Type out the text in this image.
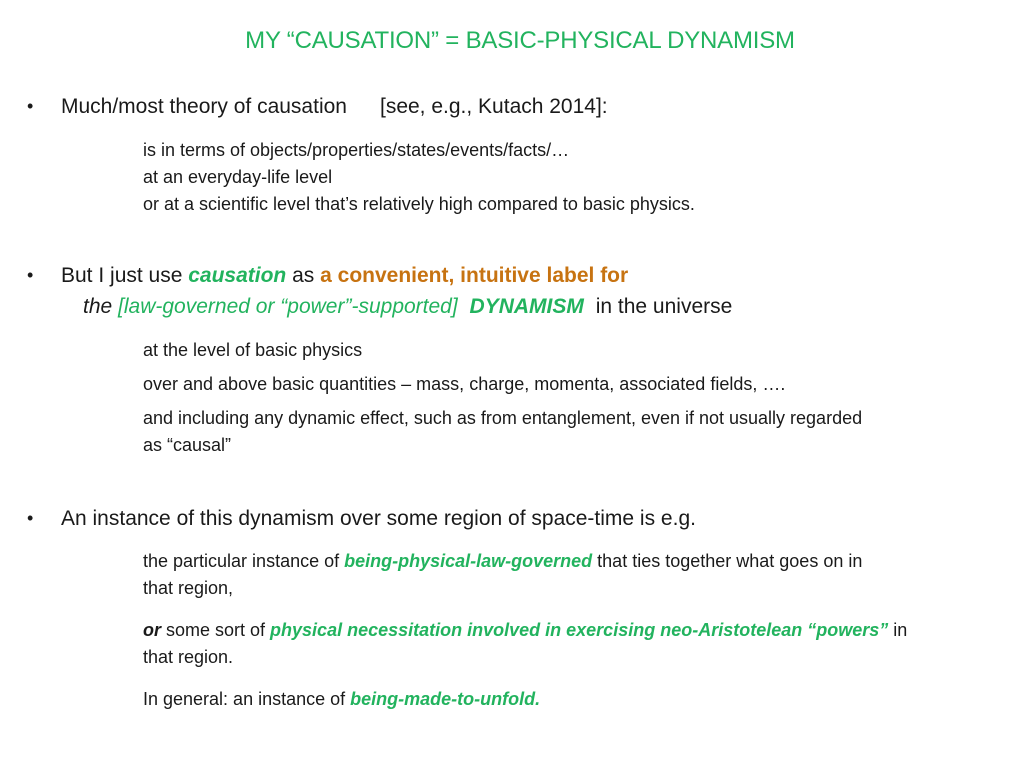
MY “CAUSATION” = BASIC-PHYSICAL DYNAMISM
• Much/most theory of causation [see, e.g., Kutach 2014]:
is in terms of objects/properties/states/events/facts/…
at an everyday-life level
or at a scientific level that’s relatively high compared to basic physics.
• But I just use causation as a convenient, intuitive label for
the [law-governed or “power”-supported] DYNAMISM in the universe
at the level of basic physics
over and above basic quantities – mass, charge, momenta, associated fields, ….
and including any dynamic effect, such as from entanglement, even if not usually regarded
as “causal”
• An instance of this dynamism over some region of space-time is e.g.
the particular instance of being-physical-law-governed that ties together what goes on in
that region,
or some sort of physical necessitation involved in exercising neo-Aristotelean “powers” in
that region.
In general: an instance of being-made-to-unfold.
